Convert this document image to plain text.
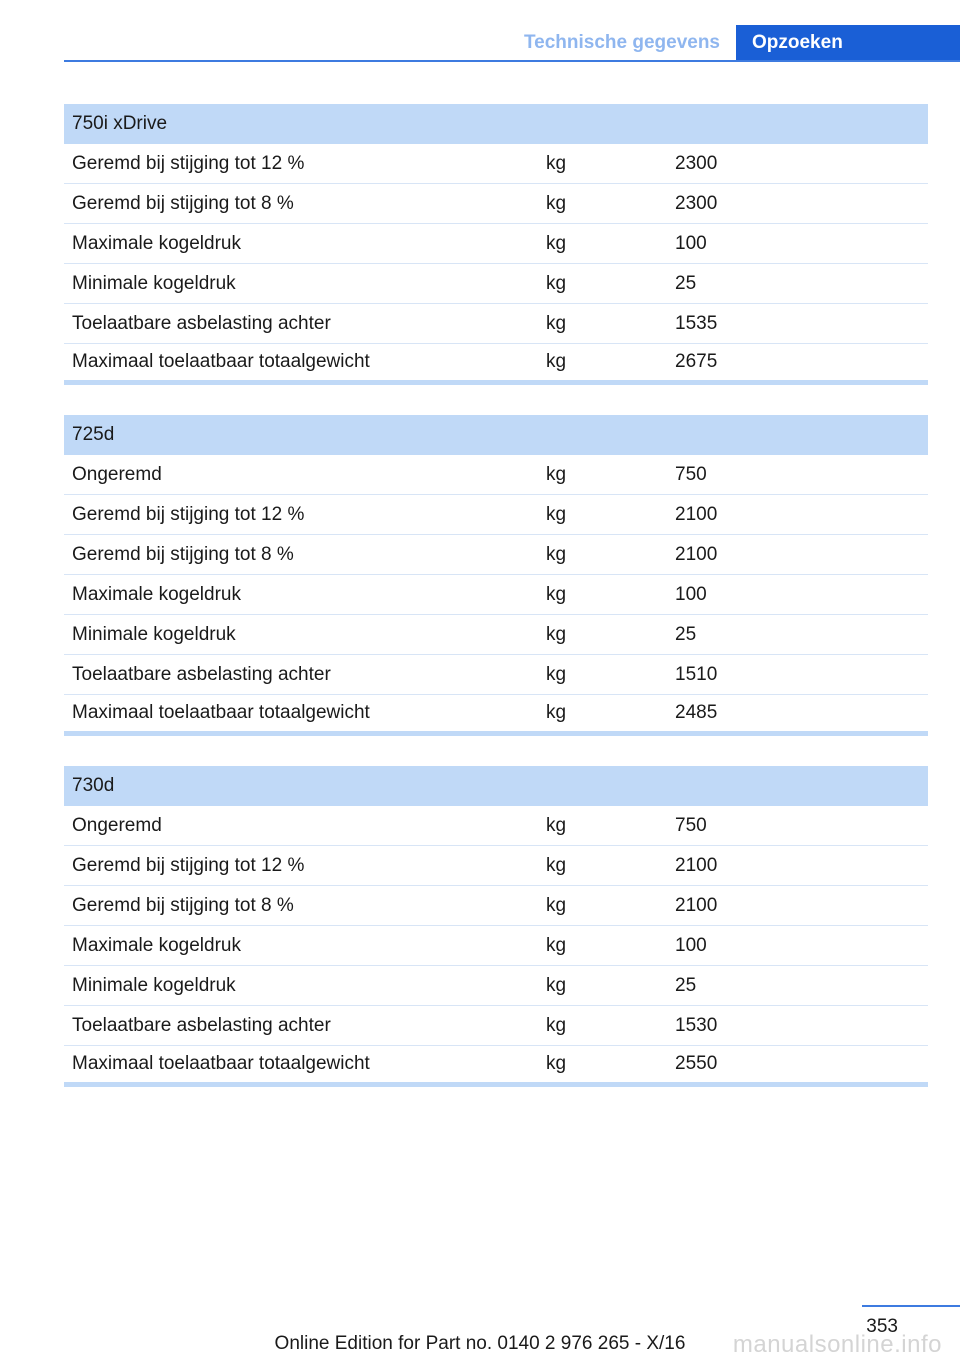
Technische gegevens	Opzoeken
750i xDrive		
Geremd bij stijging tot 12 %	kg	2300
Geremd bij stijging tot 8 %	kg	2300
Maximale kogeldruk	kg	100
Minimale kogeldruk	kg	25
Toelaatbare asbelasting achter	kg	1535
Maximaal toelaatbaar totaalgewicht	kg	2675
725d		
Ongeremd	kg	750
Geremd bij stijging tot 12 %	kg	2100
Geremd bij stijging tot 8 %	kg	2100
Maximale kogeldruk	kg	100
Minimale kogeldruk	kg	25
Toelaatbare asbelasting achter	kg	1510
Maximaal toelaatbaar totaalgewicht	kg	2485
730d		
Ongeremd	kg	750
Geremd bij stijging tot 12 %	kg	2100
Geremd bij stijging tot 8 %	kg	2100
Maximale kogeldruk	kg	100
Minimale kogeldruk	kg	25
Toelaatbare asbelasting achter	kg	1530
Maximaal toelaatbaar totaalgewicht	kg	2550
353
Online Edition for Part no. 0140 2 976 265 - X/16	manualsonline.info
